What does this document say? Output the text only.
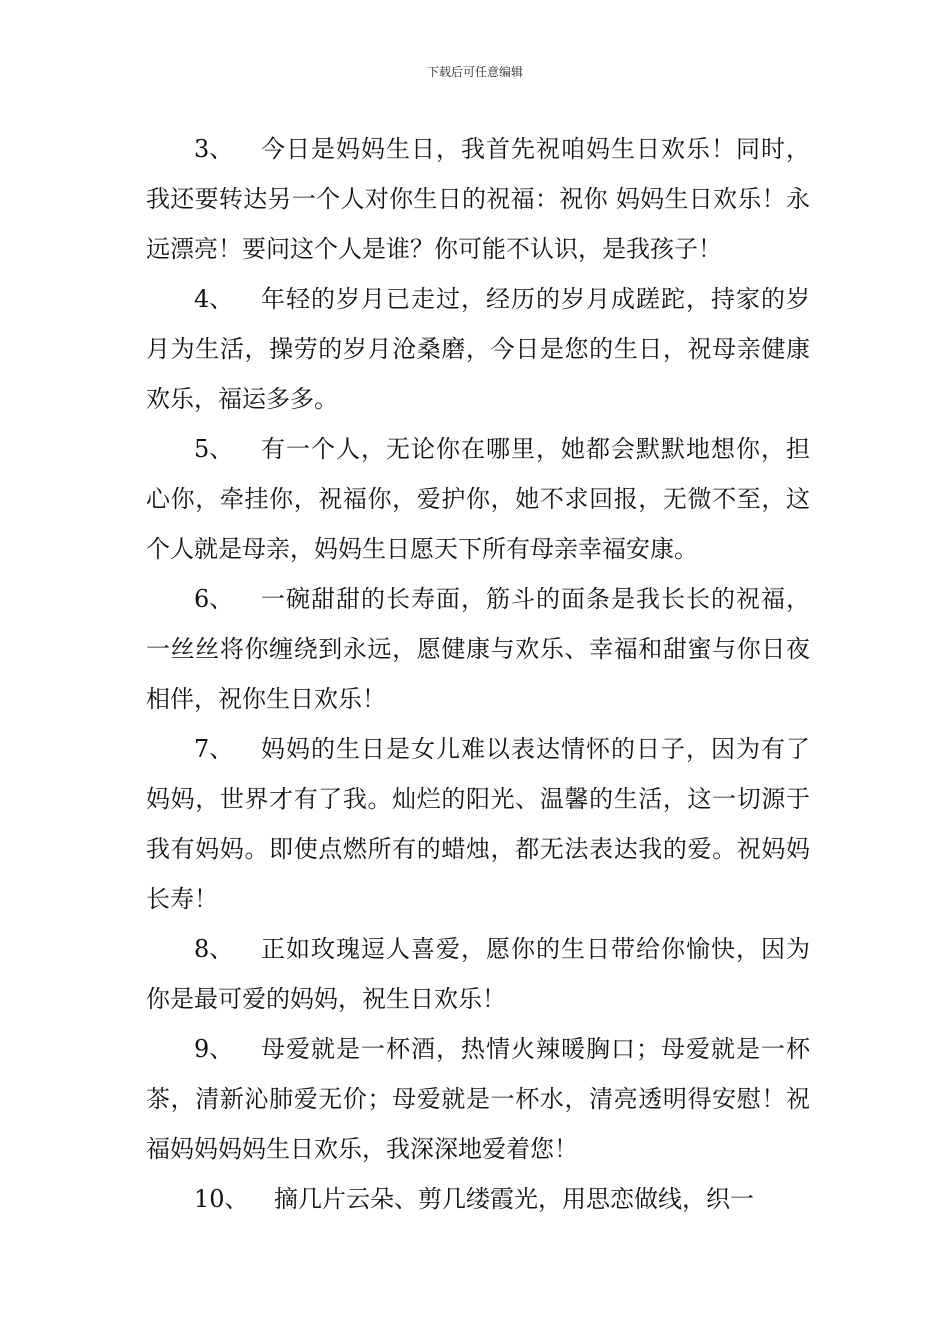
下载后可任意编辑

3、 今日是妈妈生日，我首先祝咱妈生日欢乐！同时，我还要转达另一个人对你生日的祝福：祝你 妈妈生日欢乐！永远漂亮！要问这个人是谁？你可能不认识，是我孩子！

4、 年轻的岁月已走过，经历的岁月成蹉跎，持家的岁月为生活，操劳的岁月沧桑磨，今日是您的生日，祝母亲健康欢乐，福运多多。

5、 有一个人，无论你在哪里，她都会默默地想你，担心你，牵挂你，祝福你，爱护你，她不求回报，无微不至，这个人就是母亲，妈妈生日愿天下所有母亲幸福安康。

6、 一碗甜甜的长寿面，筋斗的面条是我长长的祝福，一丝丝将你缠绕到永远，愿健康与欢乐、幸福和甜蜜与你日夜相伴，祝你生日欢乐！

7、 妈妈的生日是女儿难以表达情怀的日子，因为有了妈妈，世界才有了我。灿烂的阳光、温馨的生活，这一切源于我有妈妈。即使点燃所有的蜡烛，都无法表达我的爱。祝妈妈长寿！

8、 正如玫瑰逗人喜爱，愿你的生日带给你愉快，因为你是最可爱的妈妈，祝生日欢乐！

9、 母爱就是一杯酒，热情火辣暖胸口；母爱就是一杯茶，清新沁肺爱无价；母爱就是一杯水，清亮透明得安慰！祝福妈妈妈妈生日欢乐，我深深地爱着您！

10、 摘几片云朵、剪几缕霞光，用思恋做线，织一
